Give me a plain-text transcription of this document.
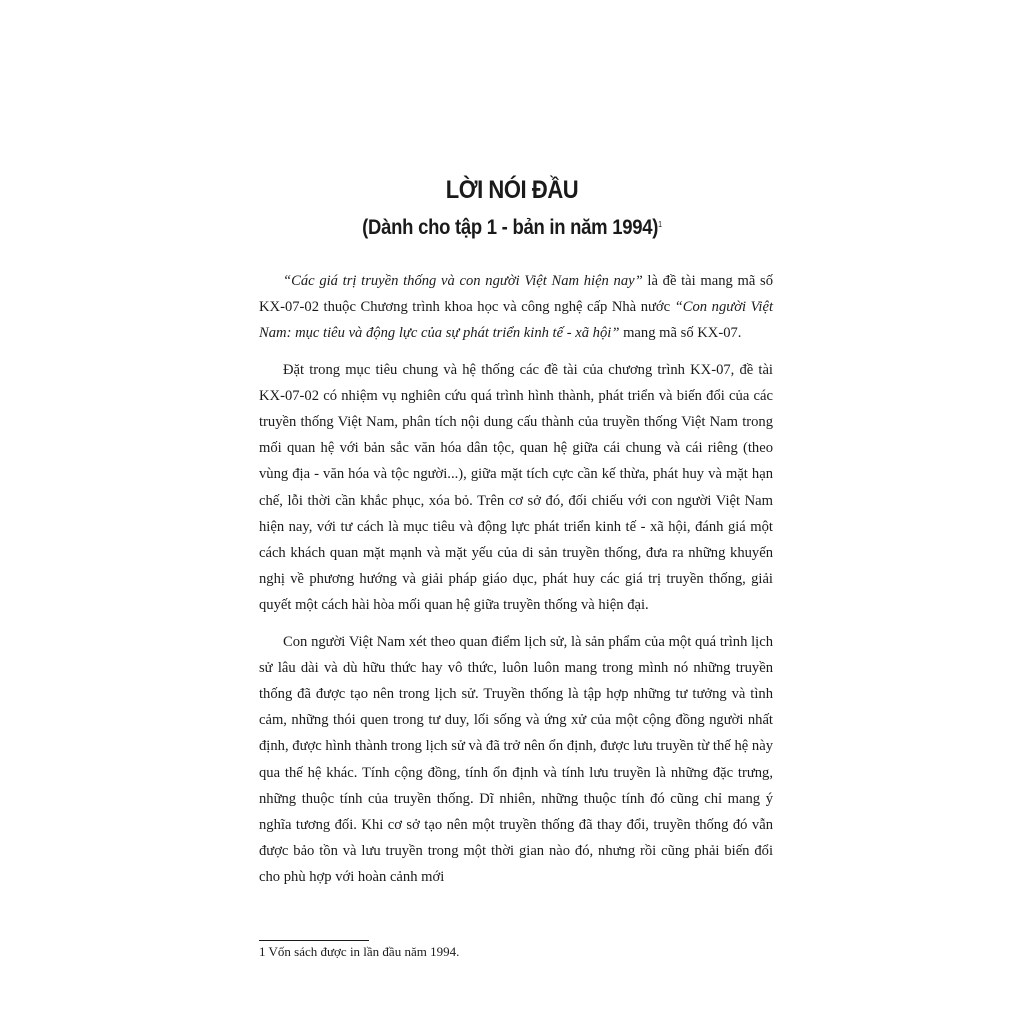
LỜI NÓI ĐẦU
(Dành cho tập 1 - bản in năm 1994)$^1$

“Các giá trị truyền thống và con người Việt Nam hiện nay” là đề tài mang mã số KX-07-02 thuộc Chương trình khoa học và công nghệ cấp Nhà nước “Con người Việt Nam: mục tiêu và động lực của sự phát triển kinh tế - xã hội” mang mã số KX-07.

Đặt trong mục tiêu chung và hệ thống các đề tài của chương trình KX-07, đề tài KX-07-02 có nhiệm vụ nghiên cứu quá trình hình thành, phát triển và biến đổi của các truyền thống Việt Nam, phân tích nội dung cấu thành của truyền thống Việt Nam trong mối quan hệ với bản sắc văn hóa dân tộc, quan hệ giữa cái chung và cái riêng (theo vùng địa - văn hóa và tộc người...), giữa mặt tích cực cần kế thừa, phát huy và mặt hạn chế, lỗi thời cần khắc phục, xóa bỏ. Trên cơ sở đó, đối chiếu với con người Việt Nam hiện nay, với tư cách là mục tiêu và động lực phát triển kinh tế - xã hội, đánh giá một cách khách quan mặt mạnh và mặt yếu của di sản truyền thống, đưa ra những khuyến nghị về phương hướng và giải pháp giáo dục, phát huy các giá trị truyền thống, giải quyết một cách hài hòa mối quan hệ giữa truyền thống và hiện đại.

Con người Việt Nam xét theo quan điểm lịch sử, là sản phẩm của một quá trình lịch sử lâu dài và dù hữu thức hay vô thức, luôn luôn mang trong mình nó những truyền thống đã được tạo nên trong lịch sử. Truyền thống là tập hợp những tư tưởng và tình cảm, những thói quen trong tư duy, lối sống và ứng xử của một cộng đồng người nhất định, được hình thành trong lịch sử và đã trở nên ổn định, được lưu truyền từ thế hệ này qua thế hệ khác. Tính cộng đồng, tính ổn định và tính lưu truyền là những đặc trưng, những thuộc tính của truyền thống. Dĩ nhiên, những thuộc tính đó cũng chỉ mang ý nghĩa tương đối. Khi cơ sở tạo nên một truyền thống đã thay đổi, truyền thống đó vẫn được bảo tồn và lưu truyền trong một thời gian nào đó, nhưng rồi cũng phải biến đổi cho phù hợp với hoàn cảnh mới

1 Vốn sách được in lần đầu năm 1994.
